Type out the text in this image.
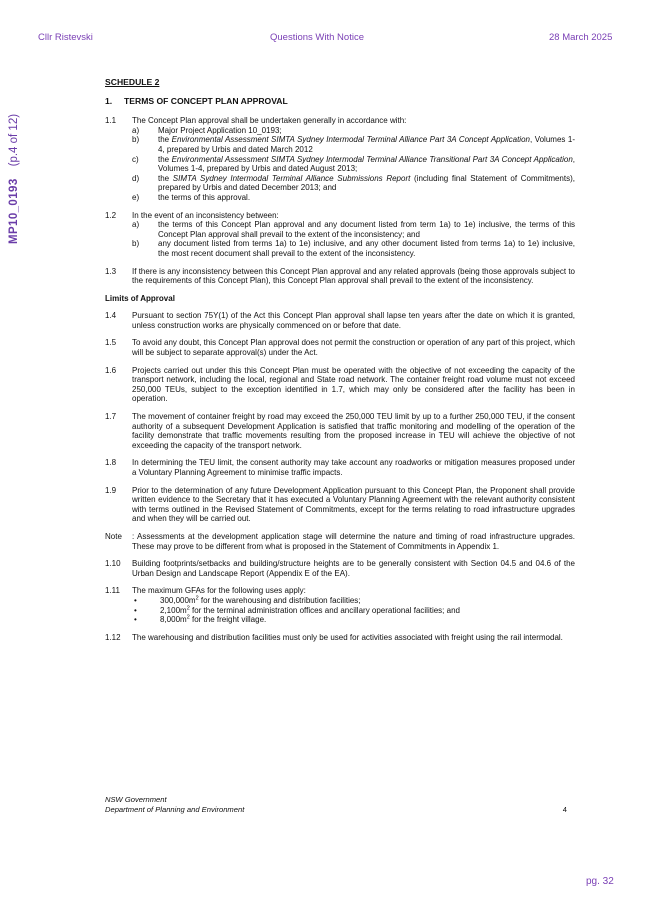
Cllr Ristevski	Questions With Notice	28 March 2025
MP10_0193(p.4 of 12)
SCHEDULE 2
1. TERMS OF CONCEPT PLAN APPROVAL
1.1	The Concept Plan approval shall be undertaken generally in accordance with:
a)	Major Project Application 10_0193;
b)	the Environmental Assessment SIMTA Sydney Intermodal Terminal Alliance Part 3A Concept Application, Volumes 1-4, prepared by Urbis and dated March 2012
c)	the Environmental Assessment SIMTA Sydney Intermodal Terminal Alliance Transitional Part 3A Concept Application, Volumes 1-4, prepared by Urbis and dated August 2013;
d)	the SIMTA Sydney Intermodal Terminal Alliance Submissions Report (including final Statement of Commitments), prepared by Urbis and dated December 2013; and
e)	the terms of this approval.
1.2	In the event of an inconsistency between:
a)	the terms of this Concept Plan approval and any document listed from term 1a) to 1e) inclusive, the terms of this Concept Plan approval shall prevail to the extent of the inconsistency; and
b)	any document listed from terms 1a) to 1e) inclusive, and any other document listed from terms 1a) to 1e) inclusive, the most recent document shall prevail to the extent of the inconsistency.
1.3	If there is any inconsistency between this Concept Plan approval and any related approvals (being those approvals subject to the requirements of this Concept Plan), this Concept Plan approval shall prevail to the extent of the inconsistency.
Limits of Approval
1.4	Pursuant to section 75Y(1) of the Act this Concept Plan approval shall lapse ten years after the date on which it is granted, unless construction works are physically commenced on or before that date.
1.5	To avoid any doubt, this Concept Plan approval does not permit the construction or operation of any part of this project, which will be subject to separate approval(s) under the Act.
1.6	Projects carried out under this this Concept Plan must be operated with the objective of not exceeding the capacity of the transport network, including the local, regional and State road network. The container freight road volume must not exceed 250,000 TEUs, subject to the exception identified in 1.7, which may only be considered after the facility has been in operation.
1.7	The movement of container freight by road may exceed the 250,000 TEU limit by up to a further 250,000 TEU, if the consent authority of a subsequent Development Application is satisfied that traffic monitoring and modelling of the operation of the facility demonstrate that traffic movements resulting from the proposed increase in TEU will achieve the objective of not exceeding the capacity of the transport network.
1.8	In determining the TEU limit, the consent authority may take account any roadworks or mitigation measures proposed under a Voluntary Planning Agreement to minimise traffic impacts.
1.9	Prior to the determination of any future Development Application pursuant to this Concept Plan, the Proponent shall provide written evidence to the Secretary that it has executed a Voluntary Planning Agreement with the relevant authority consistent with terms outlined in the Revised Statement of Commitments, except for the terms relating to road infrastructure upgrades and when they will be carried out.
Note	: Assessments at the development application stage will determine the nature and timing of road infrastructure upgrades. These may prove to be different from what is proposed in the Statement of Commitments in Appendix 1.
1.10	Building footprints/setbacks and building/structure heights are to be generally consistent with Section 04.5 and 04.6 of the Urban Design and Landscape Report (Appendix E of the EA).
1.11	The maximum GFAs for the following uses apply:
•	$300,000m^2$ for the warehousing and distribution facilities;
•	$2,100m^2$ for the terminal administration offices and ancillary operational facilities; and
•	$8,000m^2$ for the freight village.
1.12	The warehousing and distribution facilities must only be used for activities associated with freight using the rail intermodal.
NSW Government
Department of Planning and Environment	4
pg. 32
